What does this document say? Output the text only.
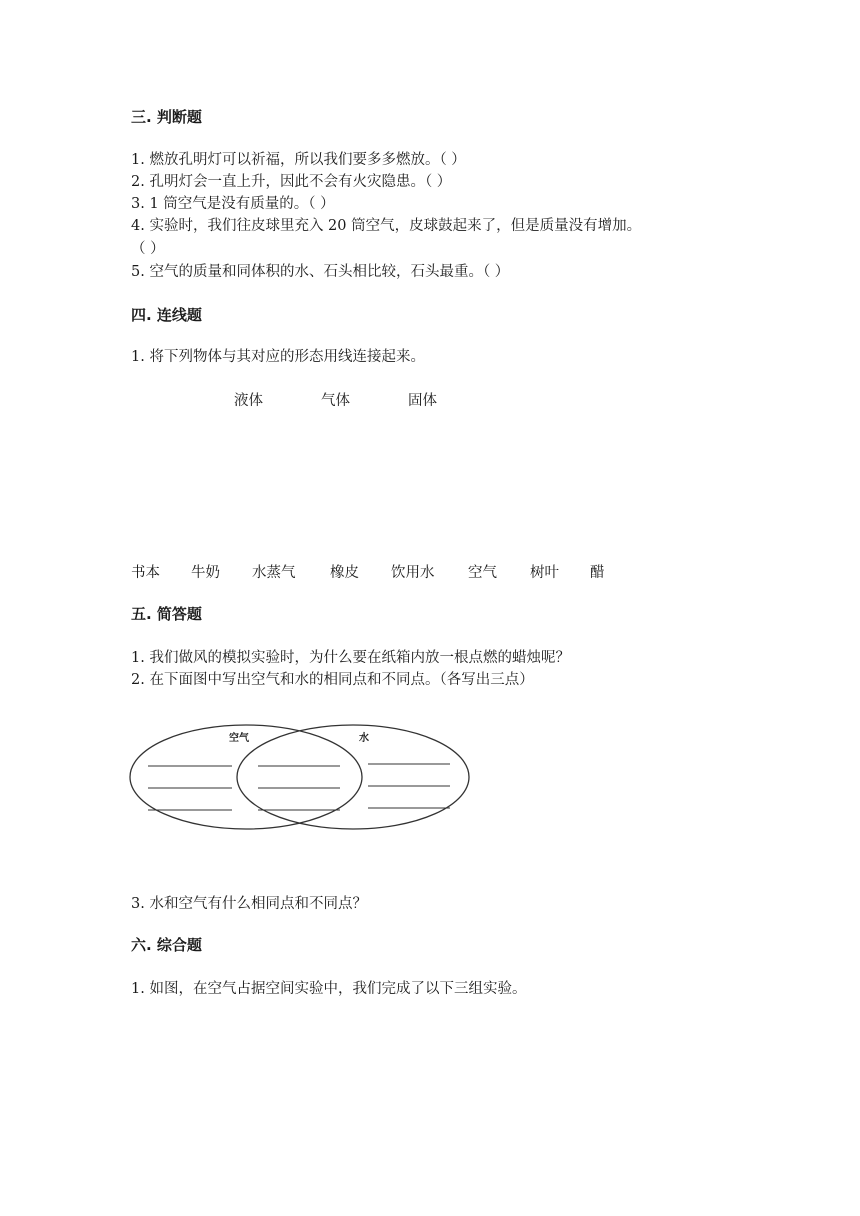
三. 判断题
1. 燃放孔明灯可以祈福，所以我们要多多燃放。（ ）
2. 孔明灯会一直上升，因此不会有火灾隐患。（ ）
3. 1 筒空气是没有质量的。（ ）
4. 实验时，我们往皮球里充入 20 筒空气，皮球鼓起来了，但是质量没有增加。
（ ）
5. 空气的质量和同体积的水、石头相比较，石头最重。（ ）
四. 连线题
1. 将下列物体与其对应的形态用线连接起来。
液体	气体	固体
书本 牛奶 水蒸气 橡皮 饮用水 空气 树叶 醋
五. 简答题
1. 我们做风的模拟实验时，为什么要在纸箱内放一根点燃的蜡烛呢？
2. 在下面图中写出空气和水的相同点和不同点。（各写出三点）
空气	水
3. 水和空气有什么相同点和不同点？
六. 综合题
1. 如图，在空气占据空间实验中，我们完成了以下三组实验。
